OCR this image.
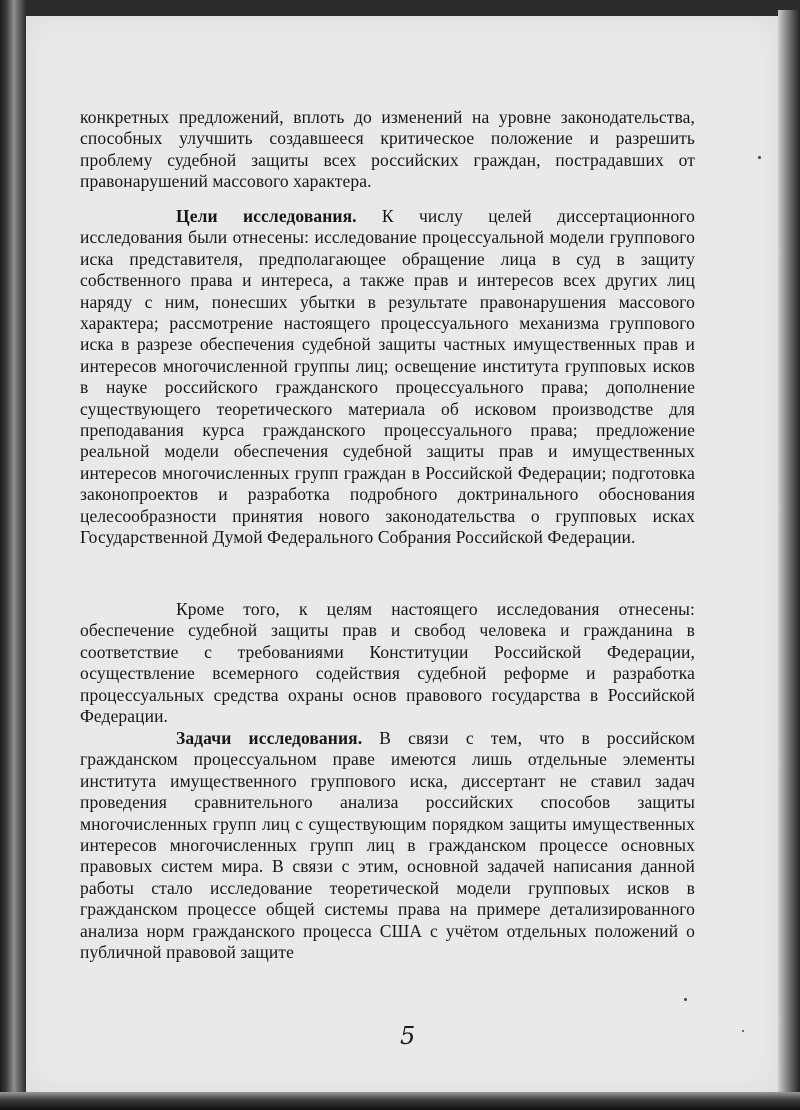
конкретных предложений, вплоть до изменений на уровне законодательства, способных улучшить создавшееся критическое положение и разрешить проблему судебной защиты всех российских граждан, пострадавших от правонарушений массового характера.

Цели исследования. К числу целей диссертационного исследования были отнесены: исследование процессуальной модели группового иска представителя, предполагающее обращение лица в суд в защиту собственного права и интереса, а также прав и интересов всех других лиц наряду с ним, понесших убытки в результате правонарушения массового характера; рассмотрение настоящего процессуального механизма группового иска в разрезе обеспечения судебной защиты частных имущественных прав и интересов многочисленной группы лиц; освещение института групповых исков в науке российского гражданского процессуального права; дополнение существующего теоретического материала об исковом производстве для преподавания курса гражданского процессуального права; предложение реальной модели обеспечения судебной защиты прав и имущественных интересов многочисленных групп граждан в Российской Федерации; подготовка законопроектов и разработка подробного доктринального обоснования целесообразности принятия нового законодательства о групповых исках Государственной Думой Федерального Собрания Российской Федерации.

Кроме того, к целям настоящего исследования отнесены: обеспечение судебной защиты прав и свобод человека и гражданина в соответствие с требованиями Конституции Российской Федерации, осуществление всемерного содействия судебной реформе и разработка процессуальных средства охраны основ правового государства в Российской Федерации.

Задачи исследования. В связи с тем, что в российском гражданском процессуальном праве имеются лишь отдельные элементы института имущественного группового иска, диссертант не ставил задач проведения сравнительного анализа российских способов защиты многочисленных групп лиц с существующим порядком защиты имущественных интересов многочисленных групп лиц в гражданском процессе основных правовых систем мира. В связи с этим, основной задачей написания данной работы стало исследование теоретической модели групповых исков в гражданском процессе общей системы права на примере детализированного анализа норм гражданского процесса США с учётом отдельных положений о публичной правовой защите

5
